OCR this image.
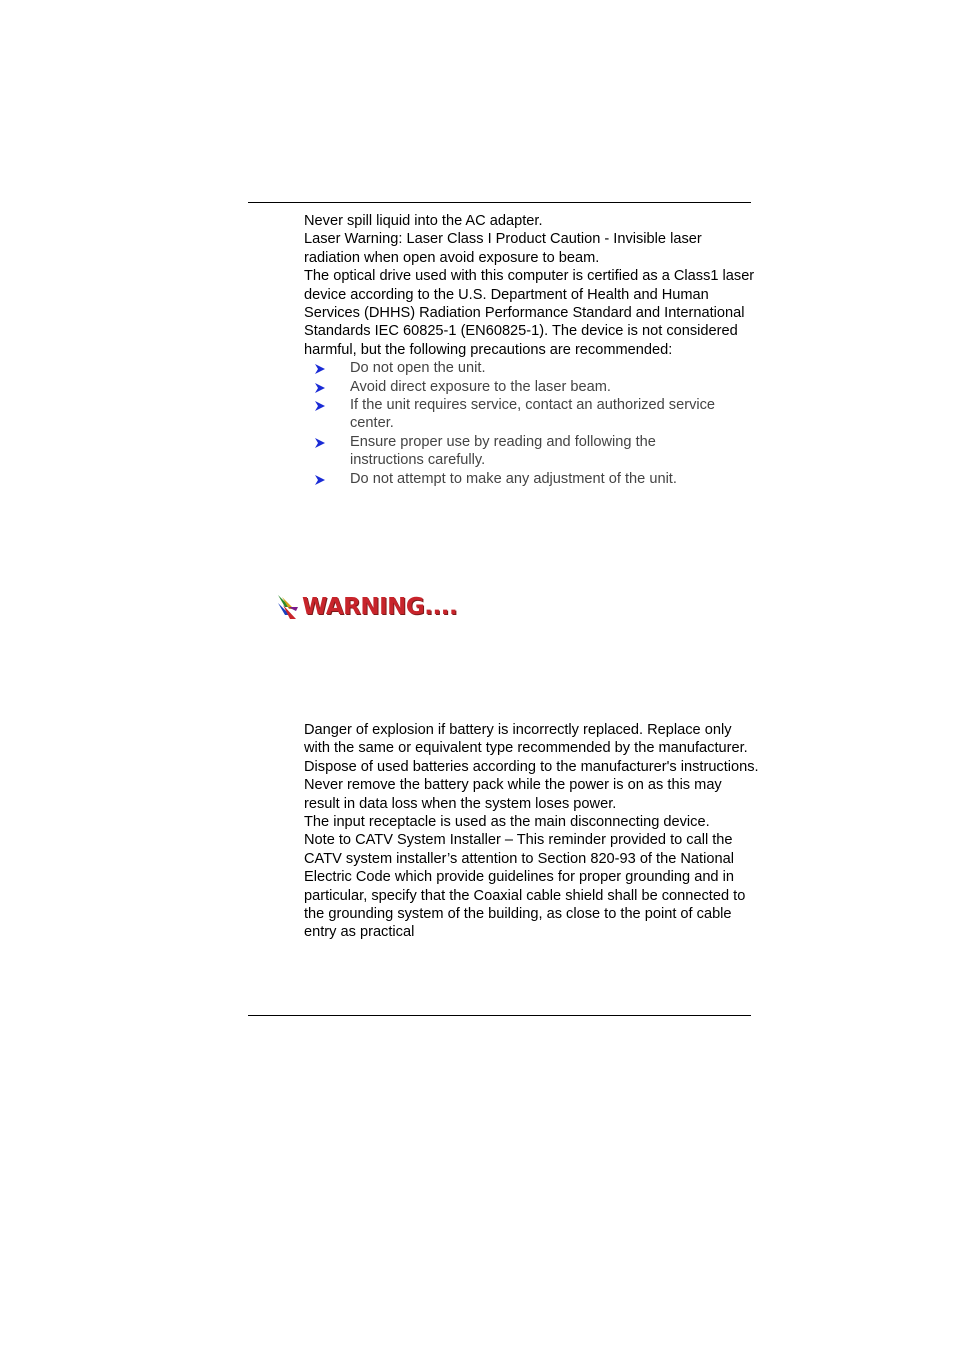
Never spill liquid into the AC adapter.

Laser Warning: Laser Class I Product Caution - Invisible laser radiation when open avoid exposure to beam.

The optical drive used with this computer is certified as a Class1 laser device according to the U.S. Department of Health and Human Services (DHHS) Radiation Performance Standard and International Standards IEC 60825-1 (EN60825-1). The device is not considered harmful, but the following precautions are recommended:

Do not open the unit.
Avoid direct exposure to the laser beam.
If the unit requires service, contact an authorized service center.
Ensure proper use by reading and following the instructions carefully.
Do not attempt to make any adjustment of the unit.
WARNING....

Danger of explosion if battery is incorrectly replaced. Replace only with the same or equivalent type recommended by the manufacturer. Dispose of used batteries according to the manufacturer's instructions. Never remove the battery pack while the power is on as this may result in data loss when the system loses power.

The input receptacle is used as the main disconnecting device.

Note to CATV System Installer – This reminder provided to call the CATV system installer’s attention to Section 820-93 of the National Electric Code which provide guidelines for proper grounding and in particular, specify that the Coaxial cable shield shall be connected to the grounding system of the building, as close to the point of cable entry as practical
